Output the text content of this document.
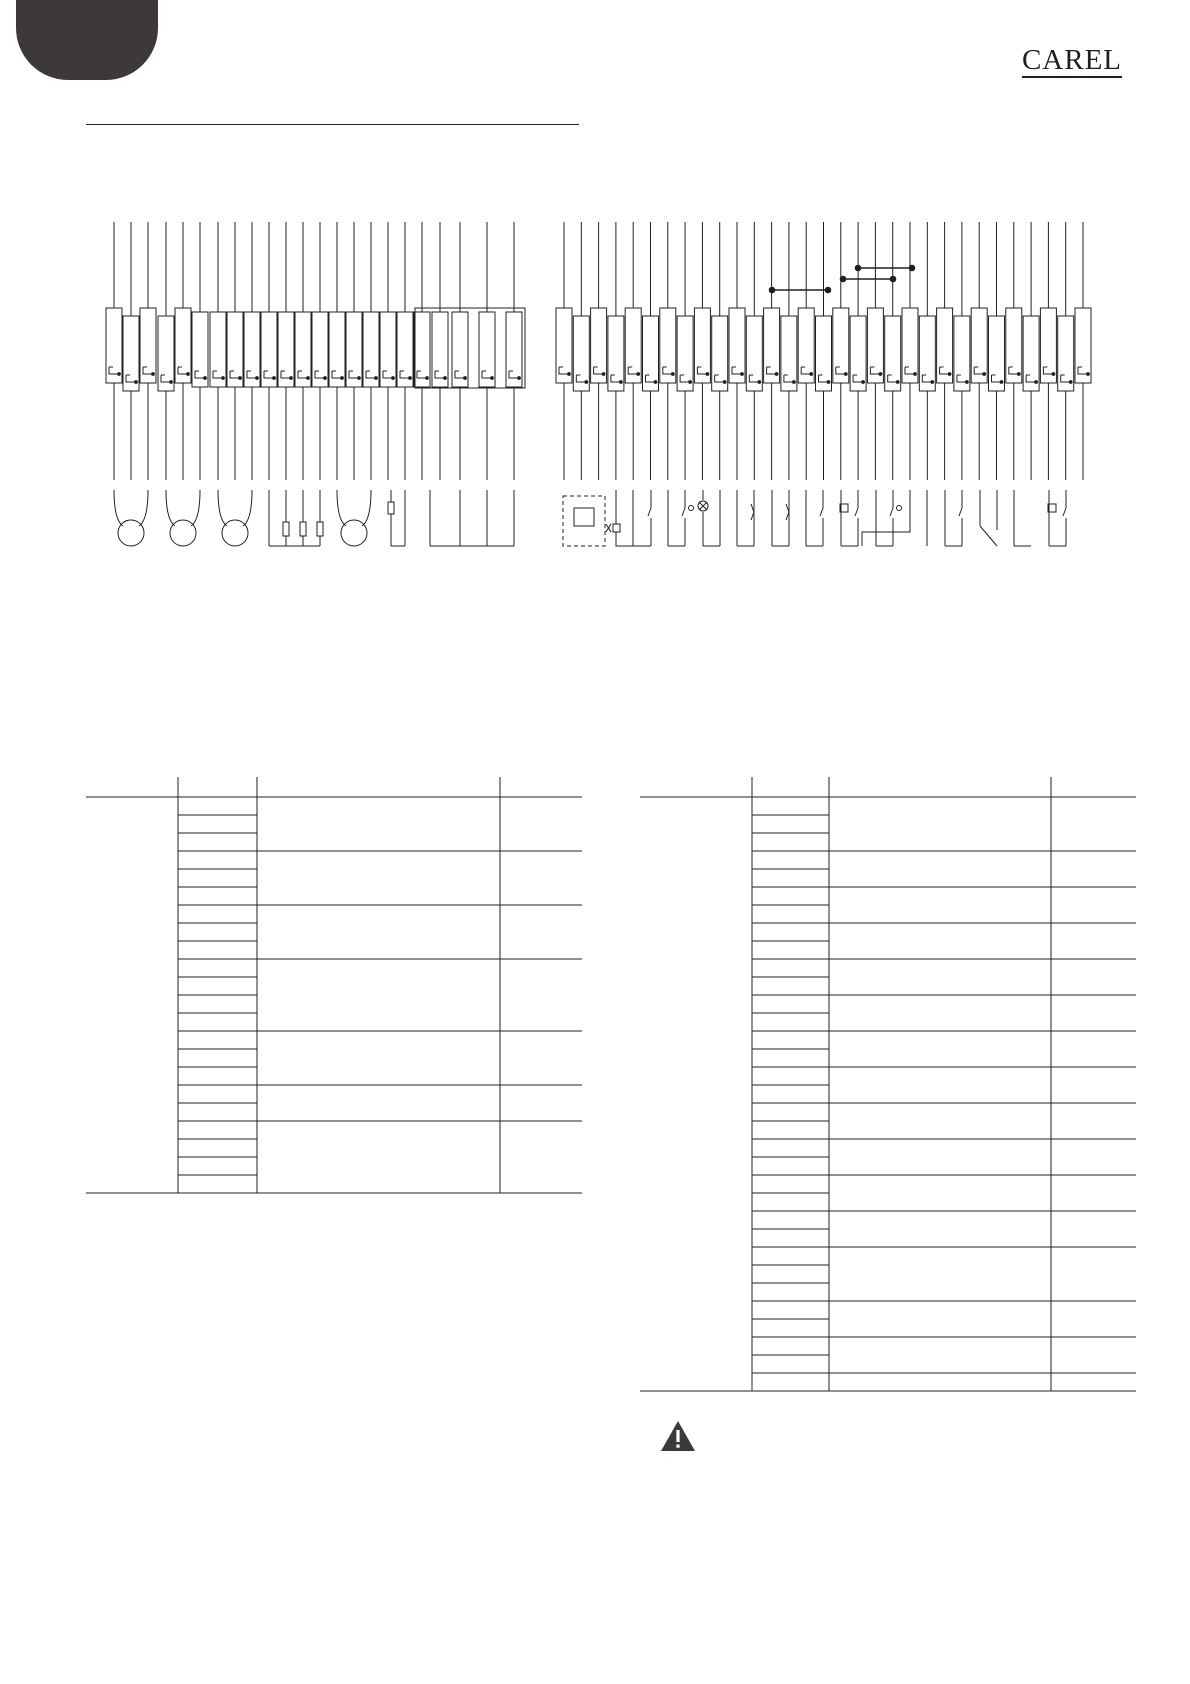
CAREL
